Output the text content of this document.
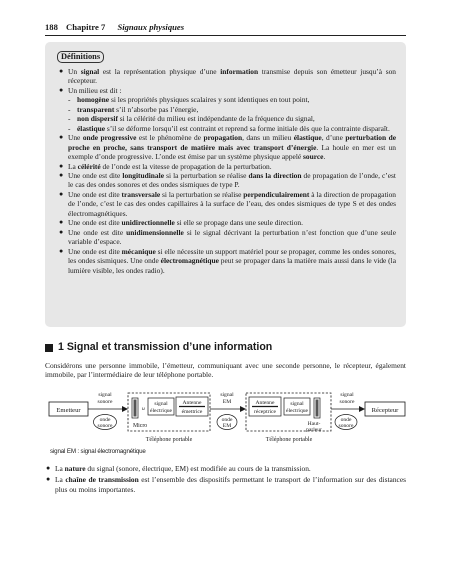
188 Chapitre 7 Signaux physiques
Définitions
● Un signal est la représentation physique d’une information transmise depuis son émetteur jusqu’à son récepteur.
● Un milieu est dit :
- homogène si les propriétés physiques scalaires y sont identiques en tout point,
- transparent s’il n’absorbe pas l’énergie,
- non dispersif si la célérité du milieu est indépendante de la fréquence du signal,
- élastique s’il se déforme lorsqu’il est contraint et reprend sa forme initiale dès que la contrainte disparaît.
● Une onde progressive est le phénomène de propagation, dans un milieu élastique, d’une perturbation de proche en proche, sans transport de matière mais avec transport d’énergie. La houle en mer est un exemple d’onde progressive. L’onde est émise par un système physique appelé source.
● La célérité de l’onde est la vitesse de propagation de la perturbation.
● Une onde est dite longitudinale si la perturbation se réalise dans la direction de propagation de l’onde, c’est le cas des ondes sonores et des ondes sismiques de type P.
● Une onde est dite transversale si la perturbation se réalise perpendiculairement à la direction de propagation de l’onde, c’est le cas des ondes capillaires à la surface de l’eau, des ondes sismiques de type S et des ondes électromagnétiques.
● Une onde est dite unidirectionnelle si elle se propage dans une seule direction.
● Une onde est dite unidimensionnelle si le signal décrivant la perturbation n’est fonction que d’une seule variable d’espace.
● Une onde est dite mécanique si elle nécessite un support matériel pour se propager, comme les ondes sonores, les ondes sismiques. Une onde électromagnétique peut se propager dans la matière mais aussi dans le vide (la lumière visible, les ondes radio).
1 Signal et transmission d’une information
Considérons une personne immobile, l’émetteur, communiquant avec une seconde personne, le récepteur, également immobile, par l’intermédiaire de leur téléphone portable.
Emetteur
signal
sonore
onde
sonore
u
Micro
signal
électrique
Antenne
émettrice
Téléphone portable
signal
EM
onde
EM
Antenne
réceptrice
signal
électrique
Haut-
parleur
Téléphone portable
signal
sonore
onde
sonore
Récepteur
signal EM : signal électromagnétique
● La nature du signal (sonore, électrique, EM) est modifiée au cours de la transmission.
● La chaîne de transmission est l’ensemble des dispositifs permettant le transport de l’information sur des distances plus ou moins importantes.
